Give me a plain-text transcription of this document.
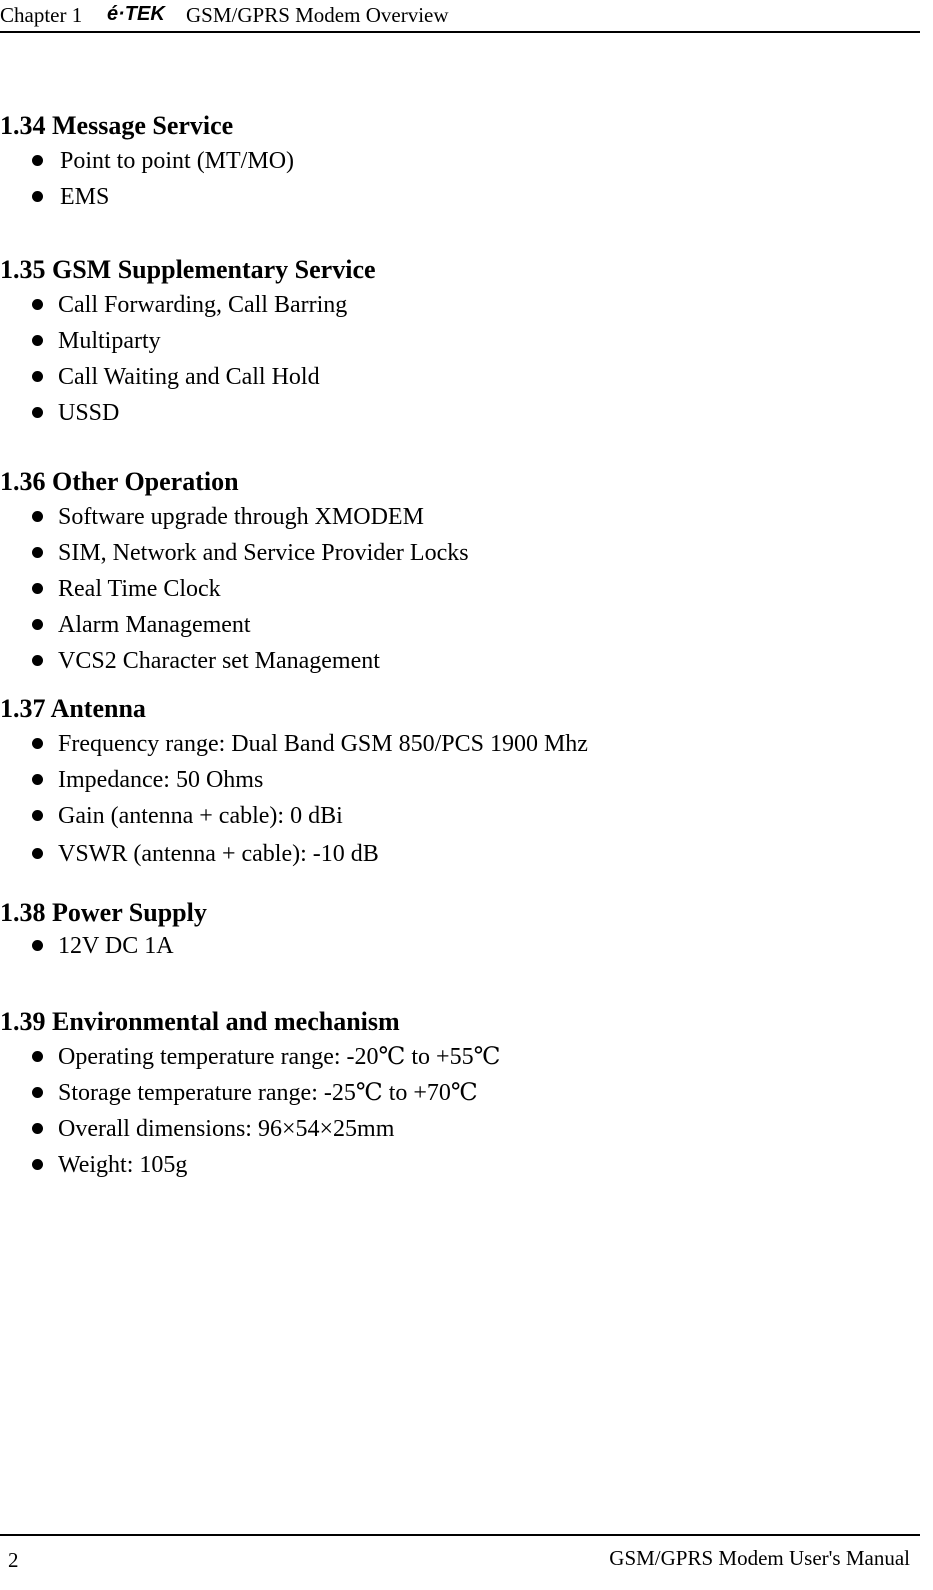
Chapter 1 é·TEK GSM/GPRS Modem Overview
1.34 Message Service
Point to point (MT/MO)
EMS
1.35 GSM Supplementary Service
Call Forwarding, Call Barring
Multiparty
Call Waiting and Call Hold
USSD
1.36 Other Operation
Software upgrade through XMODEM
SIM, Network and Service Provider Locks
Real Time Clock
Alarm Management
VCS2 Character set Management
1.37 Antenna
Frequency range: Dual Band GSM 850/PCS 1900 Mhz
Impedance: 50 Ohms
Gain (antenna + cable): 0 dBi
VSWR (antenna + cable): -10 dB
1.38 Power Supply
12V DC 1A
1.39 Environmental and mechanism
Operating temperature range: -20℃ to +55℃
Storage temperature range: -25℃ to +70℃
Overall dimensions: 96×54×25mm
Weight: 105g
2	GSM/GPRS Modem User's Manual
